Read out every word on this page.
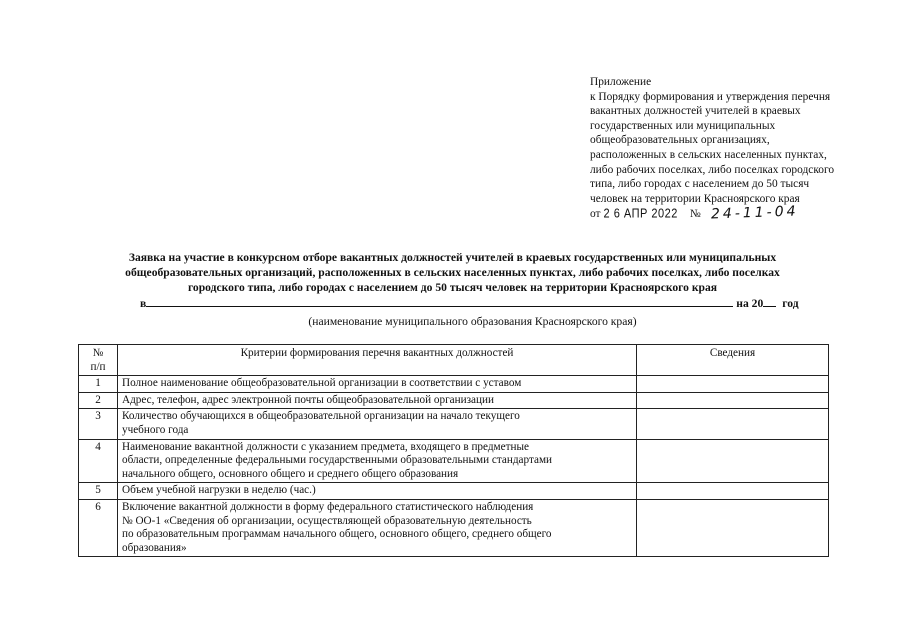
Приложение
к Порядку формирования и утверждения перечня
вакантных должностей учителей в краевых
государственных или муниципальных
общеобразовательных организациях,
расположенных в сельских населенных пунктах,
либо рабочих поселках, либо поселках городского
типа, либо городах с населением до 50 тысяч
человек на территории Красноярского края
от 2 6 АПР 2022 № 24-11-04
Заявка на участие в конкурсном отборе вакантных должностей учителей в краевых государственных или муниципальных
общеобразовательных организаций, расположенных в сельских населенных пунктах, либо рабочих поселках, либо поселках
городского типа, либо городах с населением до 50 тысяч человек на территории Красноярского края
в	на 20 год
(наименование муниципального образования Красноярского края)
№
п/п	Критерии формирования перечня вакантных должностей	Сведения
1	Полное наименование общеобразовательной организации в соответствии с уставом	

2	Адрес, телефон, адрес электронной почты общеобразовательной организации	

3	Количество обучающихся в общеобразовательной организации на начало текущего
учебного года	

4	Наименование вакантной должности с указанием предмета, входящего в предметные
области, определенные федеральными государственными образовательными стандартами
начального общего, основного общего и среднего общего образования	

5	Объем учебной нагрузки в неделю (час.)	

6	Включение вакантной должности в форму федерального статистического наблюдения
№ ОО-1 «Сведения об организации, осуществляющей образовательную деятельность
по образовательным программам начального общего, основного общего, среднего общего
образования»	
